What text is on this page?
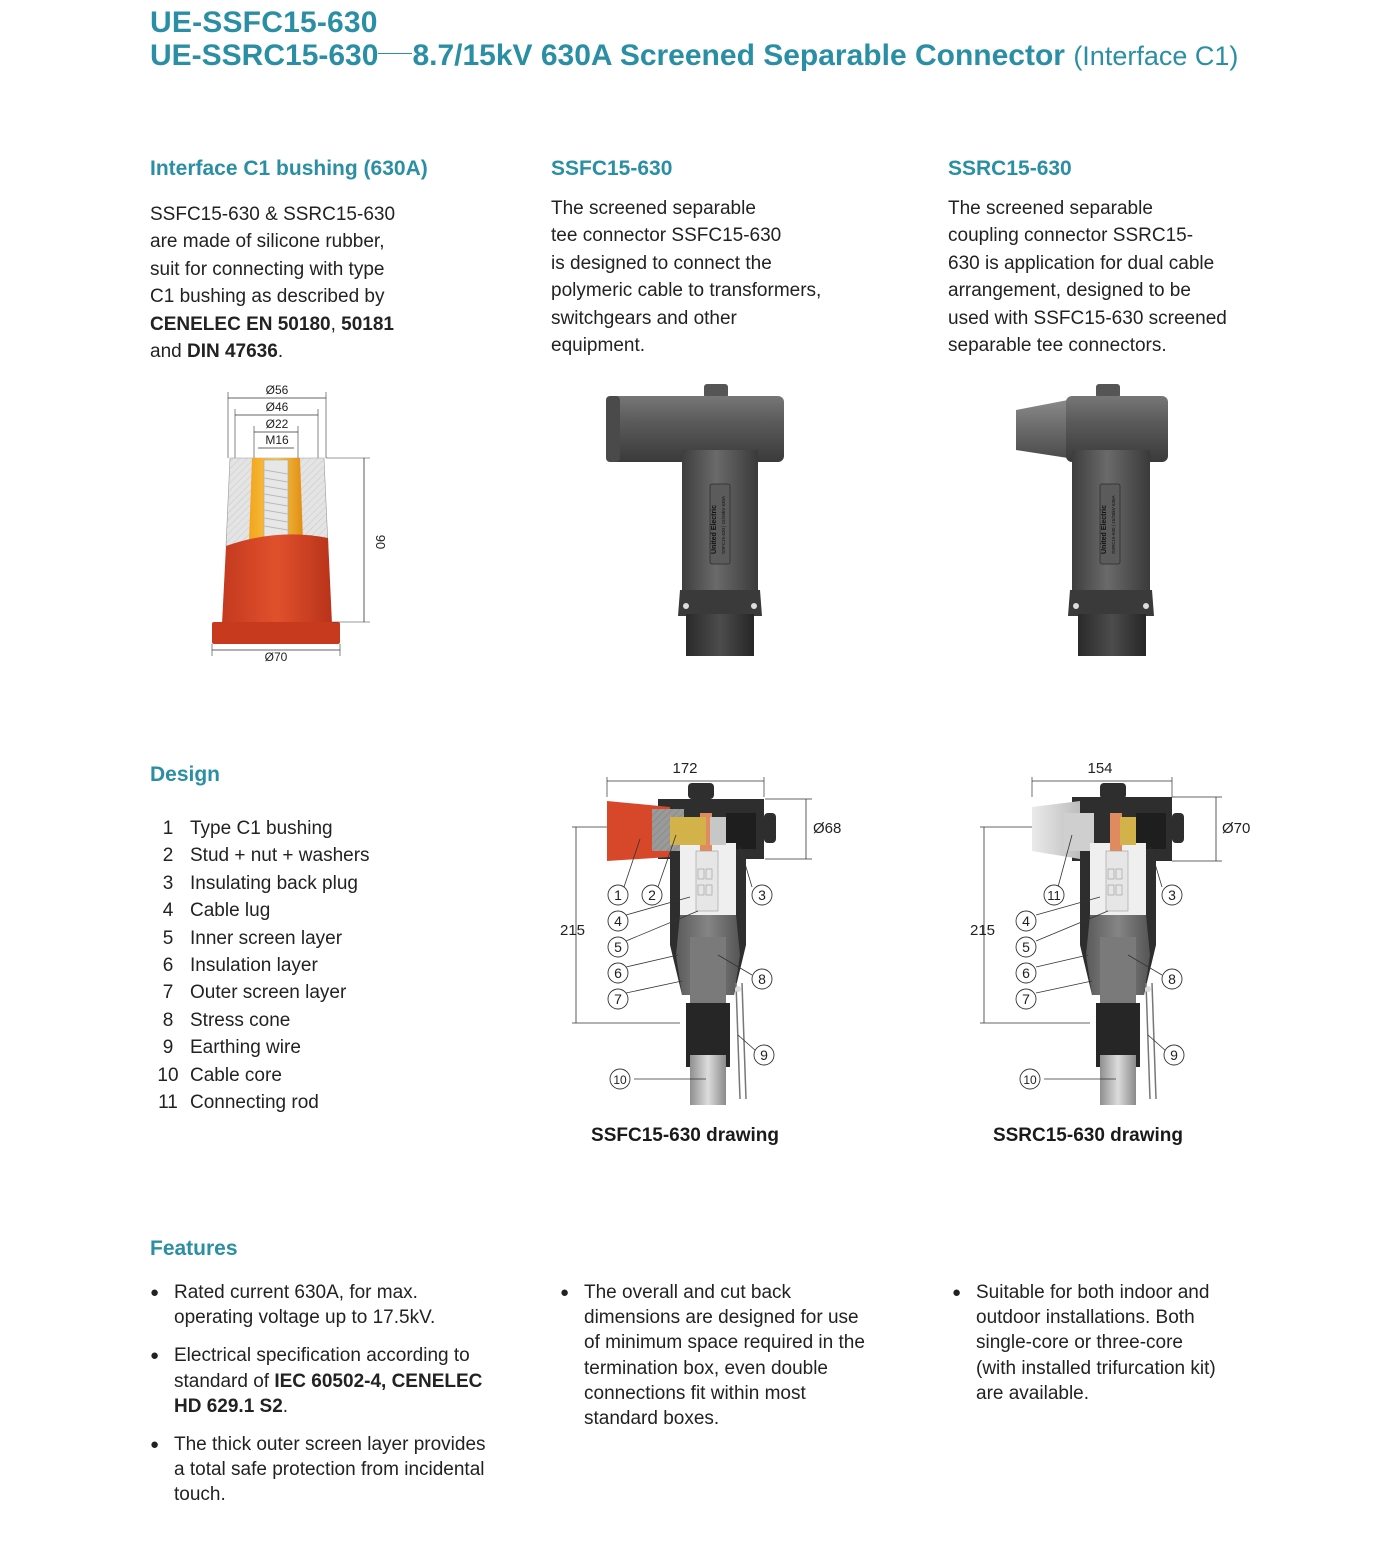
UE-SSFC15-630
UE-SSRC15-630 8.7/15kV 630A Screened Separable Connector (Interface C1)
Interface C1 bushing (630A)
SSFC15-630 & SSRC15-630
are made of silicone rubber,
suit for connecting with type
C1 bushing as described by
CENELEC EN 50180, 50181
and DIN 47636.
Ø56
Ø46
Ø22
M16
90
Ø70
SSFC15-630
The screened separable
tee connector SSFC15-630
is designed to connect the
polymeric cable to transformers,
switchgears and other
equipment.
United Electric SSFC15-630 | 15/26kV 630A
SSRC15-630
The screened separable
coupling connector SSRC15-
630 is application for dual cable
arrangement, designed to be
used with SSFC15-630 screened
separable tee connectors.
United Electric SSRC15-630 | 15/26kV 630A
Design
1 Type C1 bushing
2 Stud + nut + washers
3 Insulating back plug
4 Cable lug
5 Inner screen layer
6 Insulation layer
7 Outer screen layer
8 Stress cone
9 Earthing wire
10 Cable core
11 Connecting rod
172
Ø68
215
1 2	3
4
5
6
7
8
9
10
SSFC15-630 drawing
154
Ø70
215
11	3
4
5
6
7
8
9
10
SSRC15-630 drawing
Features
● Rated current 630A, for max. operating voltage up to 17.5kV.
● Electrical specification according to standard of IEC 60502-4, CENELEC HD 629.1 S2.
● The thick outer screen layer provides a total safe protection from incidental touch.
● The overall and cut back dimensions are designed for use of minimum space required in the termination box, even double connections fit within most standard boxes.
● Suitable for both indoor and outdoor installations. Both single-core or three-core (with installed trifurcation kit) are available.
